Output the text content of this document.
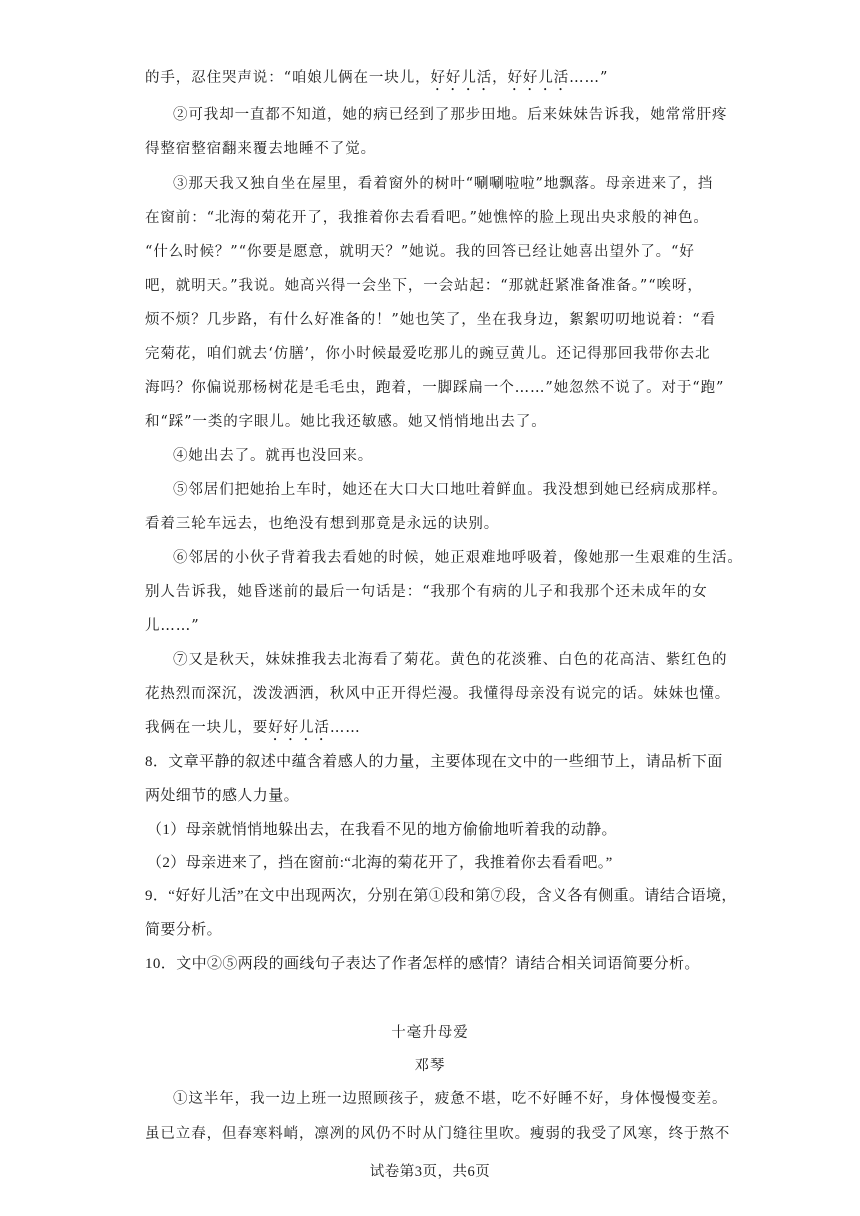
的手，忍住哭声说：“咱娘儿俩在一块儿，好好儿活，好好儿活……”
②可我却一直都不知道，她的病已经到了那步田地。后来妹妹告诉我，她常常肝疼
得整宿整宿翻来覆去地睡不了觉。
③那天我又独自坐在屋里，看着窗外的树叶“唰唰啦啦”地飘落。母亲进来了，挡
在窗前：“北海的菊花开了，我推着你去看看吧。”她憔悴的脸上现出央求般的神色。
“什么时候？”“你要是愿意，就明天？”她说。我的回答已经让她喜出望外了。“好
吧，就明天。”我说。她高兴得一会坐下，一会站起：“那就赶紧准备准备。”“唉呀，
烦不烦？几步路，有什么好准备的！”她也笑了，坐在我身边，絮絮叨叨地说着：“看
完菊花，咱们就去‘仿膳’，你小时候最爱吃那儿的豌豆黄儿。还记得那回我带你去北
海吗？你偏说那杨树花是毛毛虫，跑着，一脚踩扁一个……”她忽然不说了。对于“跑”
和“踩”一类的字眼儿。她比我还敏感。她又悄悄地出去了。
④她出去了。就再也没回来。
⑤邻居们把她抬上车时，她还在大口大口地吐着鲜血。我没想到她已经病成那样。
看着三轮车远去，也绝没有想到那竟是永远的诀别。
⑥邻居的小伙子背着我去看她的时候，她正艰难地呼吸着，像她那一生艰难的生活。
别人告诉我，她昏迷前的最后一句话是：“我那个有病的儿子和我那个还未成年的女
儿……”
⑦又是秋天，妹妹推我去北海看了菊花。黄色的花淡雅、白色的花高洁、紫红色的
花热烈而深沉，泼泼洒洒，秋风中正开得烂漫。我懂得母亲没有说完的话。妹妹也懂。
我俩在一块儿，要好好儿活……
8．文章平静的叙述中蕴含着感人的力量，主要体现在文中的一些细节上，请品析下面
两处细节的感人力量。
（1）母亲就悄悄地躲出去，在我看不见的地方偷偷地听着我的动静。
（2）母亲进来了，挡在窗前:“北海的菊花开了，我推着你去看看吧。”
9．“好好儿活”在文中出现两次，分别在第①段和第⑦段，含义各有侧重。请结合语境，
简要分析。
10．文中②⑤两段的画线句子表达了作者怎样的感情？请结合相关词语简要分析。
十毫升母爱
邓琴
①这半年，我一边上班一边照顾孩子，疲惫不堪，吃不好睡不好，身体慢慢变差。
虽已立春，但春寒料峭，凛冽的风仍不时从门缝往里吹。瘦弱的我受了风寒，终于熬不
试卷第3页，共6页
